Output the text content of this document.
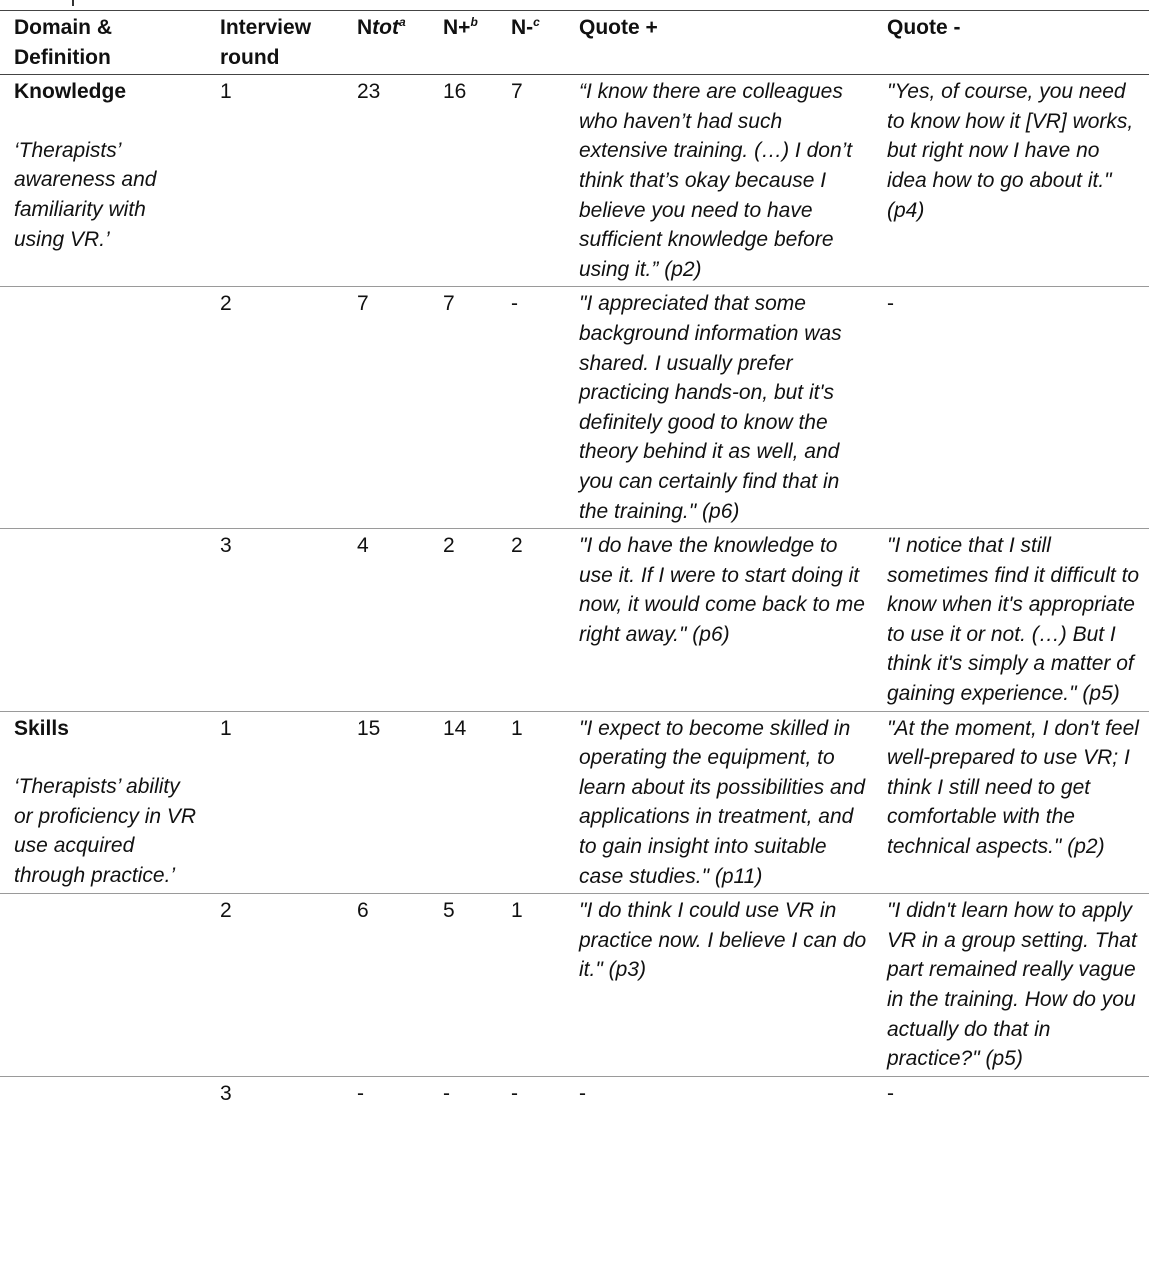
Domain & Definition	Interview round	Ntot$^a$	N+$^b$	N-$^c$	Quote +	Quote -

Knowledge
‘Therapists’ awareness and familiarity with using VR.’	1	23	16	7	“I know there are colleagues who haven’t had such extensive training. (…) I don’t think that’s okay because I believe you need to have sufficient knowledge before using it.” (p2)	"Yes, of course, you need to know how it [VR] works, but right now I have no idea how to go about it." (p4)
	2	7	7	-	"I appreciated that some background information was shared. I usually prefer practicing hands-on, but it's definitely good to know the theory behind it as well, and you can certainly find that in the training." (p6)	-
	3	4	2	2	"I do have the knowledge to use it. If I were to start doing it now, it would come back to me right away." (p6)	"I notice that I still sometimes find it difficult to know when it's appropriate to use it or not. (…) But I think it's simply a matter of gaining experience." (p5)

Skills
‘Therapists’ ability or proficiency in VR use acquired through practice.’	1	15	14	1	"I expect to become skilled in operating the equipment, to learn about its possibilities and applications in treatment, and to gain insight into suitable case studies." (p11)	"At the moment, I don't feel well-prepared to use VR; I think I still need to get comfortable with the technical aspects." (p2)
	2	6	5	1	"I do think I could use VR in practice now. I believe I can do it." (p3)	"I didn't learn how to apply VR in a group setting. That part remained really vague in the training. How do you actually do that in practice?" (p5)
	3	-	-	-	-	-
